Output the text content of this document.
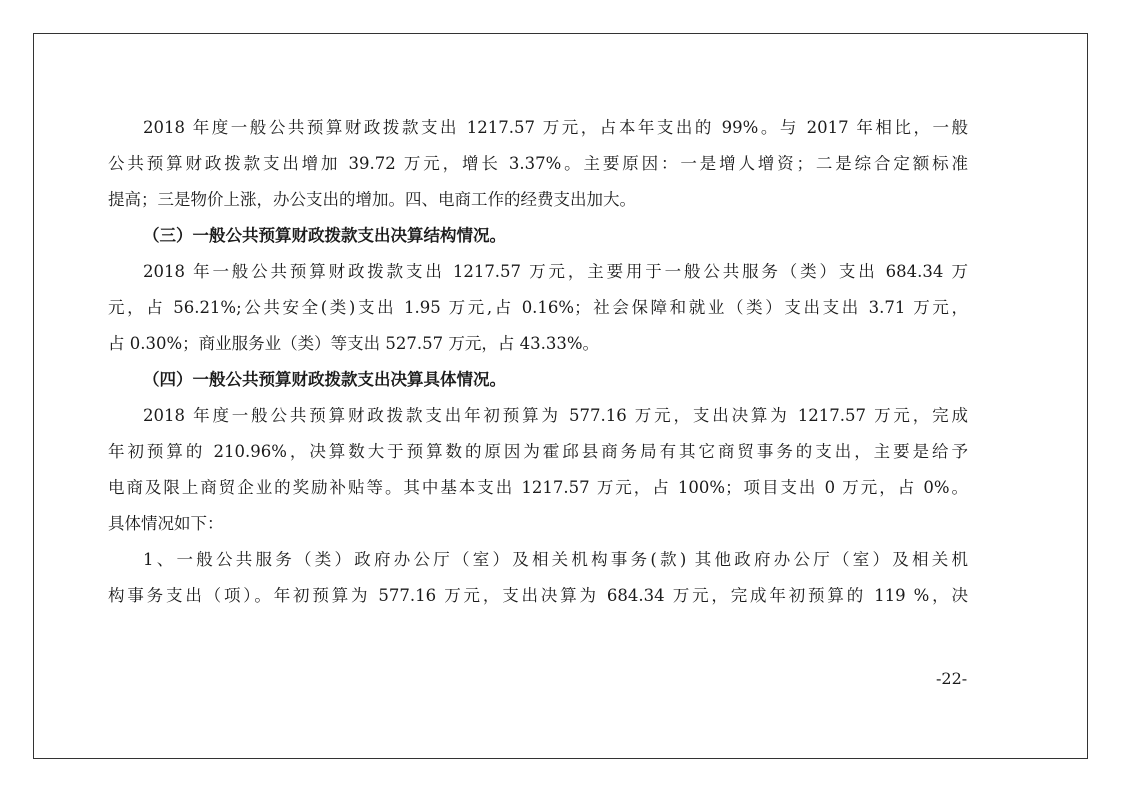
2018 年度一般公共预算财政拨款支出 1217.57 万元，占本年支出的 99%。与 2017 年相比，一般
公共预算财政拨款支出增加 39.72 万元，增长 3.37%。主要原因：一是增人增资；二是综合定额标准
提高；三是物价上涨，办公支出的增加。四、电商工作的经费支出加大。
（三）一般公共预算财政拨款支出决算结构情况。
2018 年一般公共预算财政拨款支出 1217.57 万元，主要用于一般公共服务（类）支出 684.34 万
元，占 56.21%;公共安全(类)支出 1.95 万元,占 0.16%；社会保障和就业（类）支出支出 3.71 万元，
占 0.30%；商业服务业（类）等支出 527.57 万元，占 43.33%。
（四）一般公共预算财政拨款支出决算具体情况。
2018 年度一般公共预算财政拨款支出年初预算为 577.16 万元，支出决算为 1217.57 万元，完成
年初预算的 210.96%，决算数大于预算数的原因为霍邱县商务局有其它商贸事务的支出，主要是给予
电商及限上商贸企业的奖励补贴等。其中基本支出 1217.57 万元，占 100%；项目支出 0 万元，占 0%。
具体情况如下：
1、一般公共服务（类）政府办公厅（室）及相关机构事务(款) 其他政府办公厅（室）及相关机
构事务支出（项）。年初预算为 577.16 万元，支出决算为 684.34 万元，完成年初预算的 119 %，决
-22-
